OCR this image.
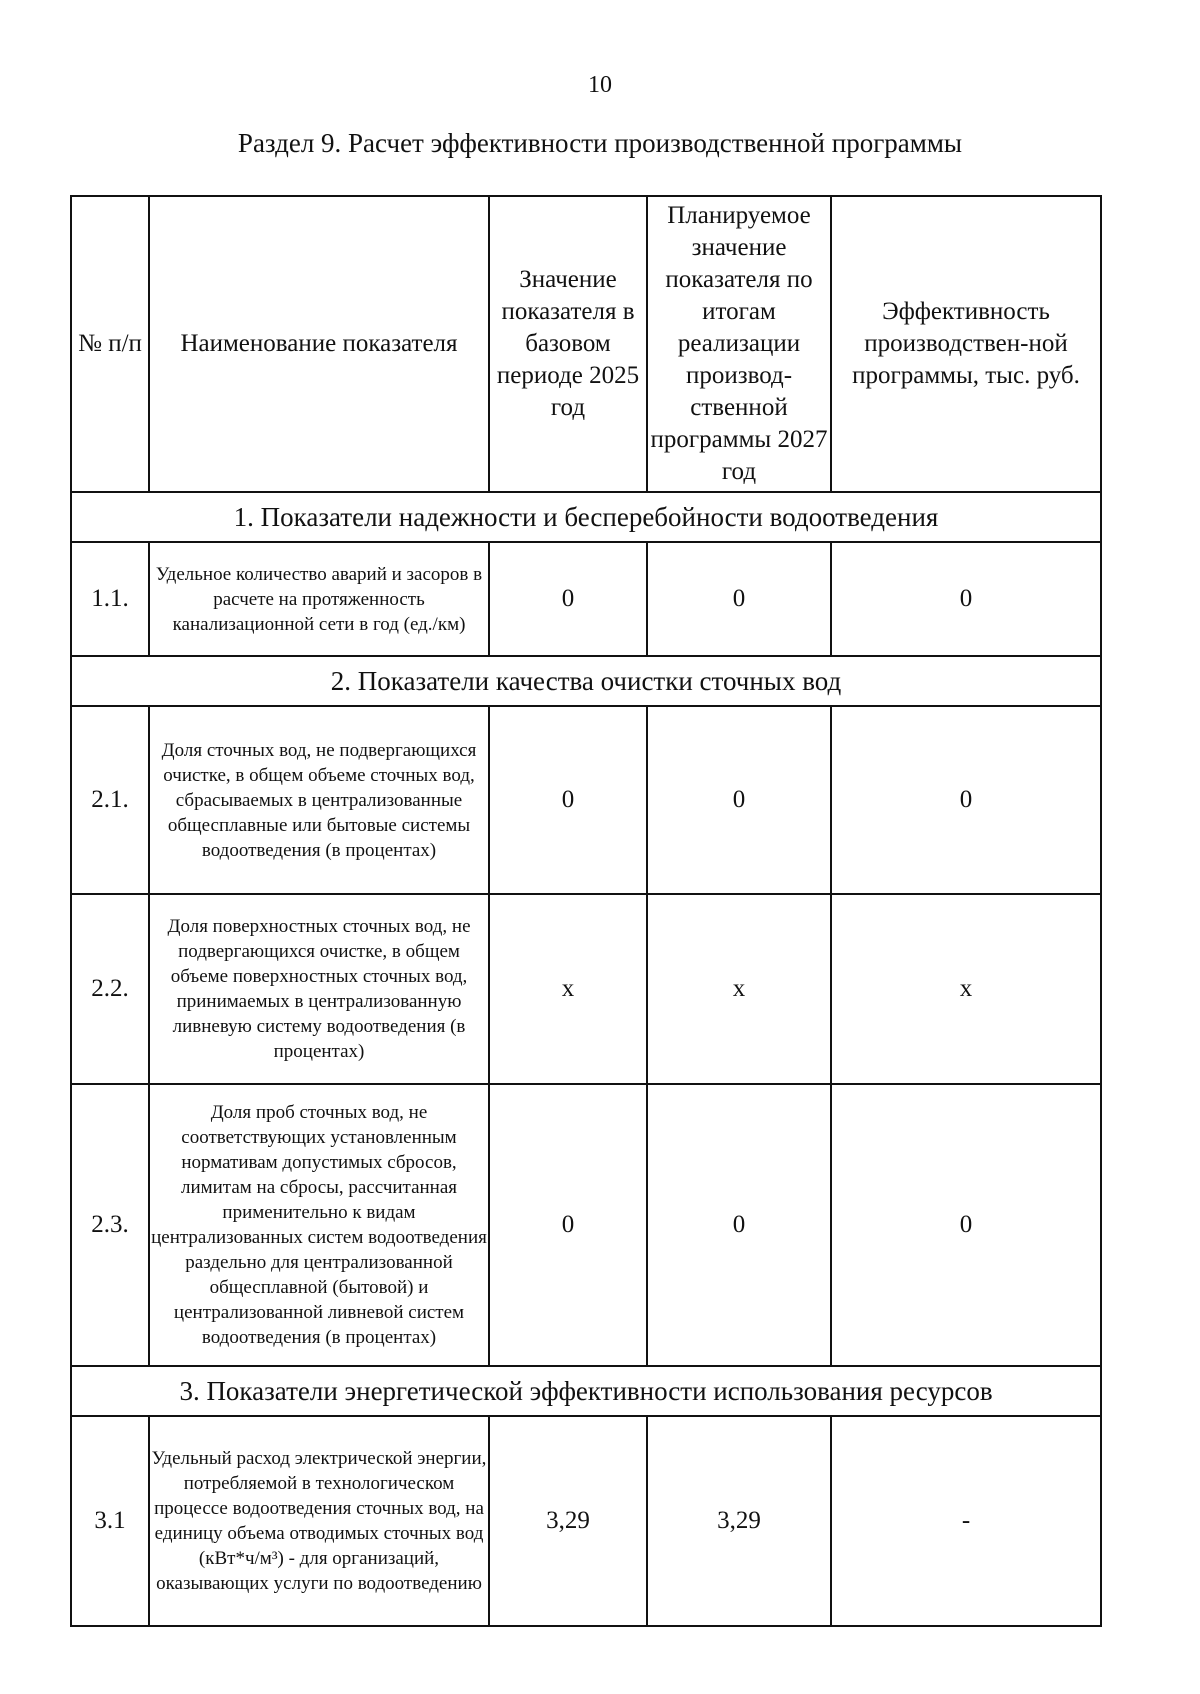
10
Раздел 9. Расчет эффективности производственной программы
№ п/п	Наименование показателя	Значение показателя в базовом периоде 2025 год	Планируемое значение показателя по итогам реализации производ-ственной программы 2027 год	Эффективность производствен-ной программы, тыс. руб.
1. Показатели надежности и бесперебойности водоотведения				
1.1.	Удельное количество аварий и засоров в расчете на протяженность канализационной сети в год (ед./км)	0	0	0
2. Показатели качества очистки сточных вод				
2.1.	Доля сточных вод, не подвергающихся очистке, в общем объеме сточных вод, сбрасываемых в централизованные общесплавные или бытовые системы водоотведения (в процентах)	0	0	0
2.2.	Доля поверхностных сточных вод, не подвергающихся очистке, в общем объеме поверхностных сточных вод, принимаемых в централизованную ливневую систему водоотведения (в процентах)	х	х	х
2.3.	Доля проб сточных вод, не соответствующих установленным нормативам допустимых сбросов, лимитам на сбросы, рассчитанная применительно к видам централизованных систем водоотведения раздельно для централизованной общесплавной (бытовой) и централизованной ливневой систем водоотведения (в процентах)	0	0	0
3. Показатели энергетической эффективности использования ресурсов				
3.1	Удельный расход электрической энергии, потребляемой в технологическом процессе водоотведения сточных вод, на единицу объема отводимых сточных вод (кВт*ч/м³) - для организаций, оказывающих услуги по водоотведению	3,29	3,29	-
